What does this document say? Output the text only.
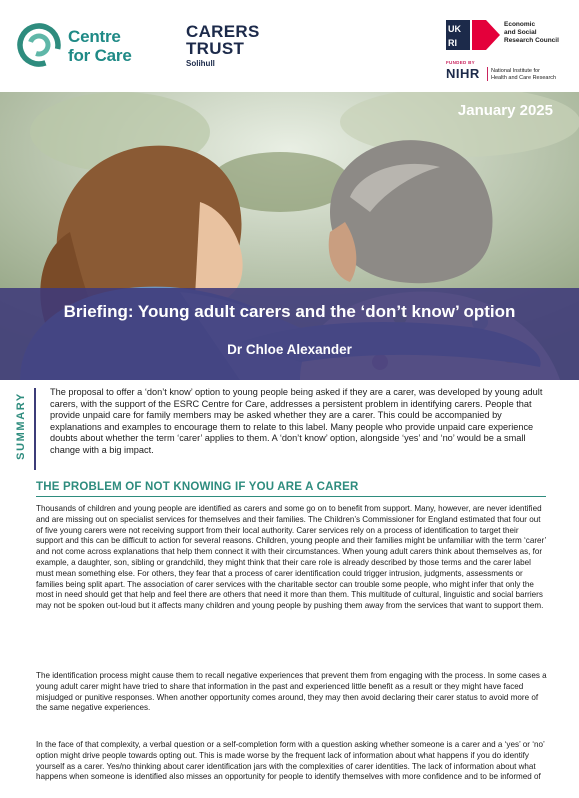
Centre
for Care
CARERS
TRUST
Solihull
UK
RI
Economic
and Social
Research Council
FUNDED BY
NIHR National Institute for
Health and Care Research
January 2025
Briefing: Young adult carers and the ‘don’t know’ option
Dr Chloe Alexander
SUMMARY
The proposal to offer a ‘don’t know’ option to young people being asked if they are a carer, was developed by young adult carers, with the support of the ESRC Centre for Care, addresses a persistent problem in identifying carers. People that provide unpaid care for family members may be asked whether they are a carer. This could be accompanied by explanations and examples to encourage them to relate to this label. Many people who provide unpaid care experience doubts about whether the term ‘carer’ applies to them. A ‘don’t know’ option, alongside ‘yes’ and ‘no’ would be a small change with a big impact.
THE PROBLEM OF NOT KNOWING IF YOU ARE A CARER
Thousands of children and young people are identified as carers and some go on to benefit from support. Many, however, are never identified and are missing out on specialist services for themselves and their families. The Children’s Commissioner for England estimated that four out of five young carers were not receiving support from their local authority. Carer services rely on a process of identification to target their support and this can be difficult to action for several reasons. Children, young people and their families might be unfamiliar with the term ‘carer’ and not come across explanations that help them connect it with their circumstances. When young adult carers think about themselves as, for example, a daughter, son, sibling or grandchild, they might think that their care role is already described by those terms and the carer label must mean something else. For others, they fear that a process of carer identification could trigger intrusion, judgments, assessments or families being split apart. The association of carer services with the charitable sector can trouble some people, who might infer that only the most in need should get that help and feel there are others that need it more than them. This multitude of cultural, linguistic and social barriers may not be spoken out-loud but it affects many children and young people by pushing them away from the services that want to support them.
The identification process might cause them to recall negative experiences that prevent them from engaging with the process. In some cases a young adult carer might have tried to share that information in the past and experienced little benefit as a result or they might have faced misjudged or punitive responses. When another opportunity comes around, they may then avoid declaring their carer status to avoid more of the same negative experiences.
In the face of that complexity, a verbal question or a self-completion form with a question asking whether someone is a carer and a ‘yes’ or ‘no’ option might drive people towards opting out. This is made worse by the frequent lack of information about what happens if you do identify yourself as a carer. Yes/no thinking about carer identification jars with the complexities of carer identities. The lack of information about what happens when someone is identified also misses an opportunity for people to identify themselves with more confidence and to be informed of
